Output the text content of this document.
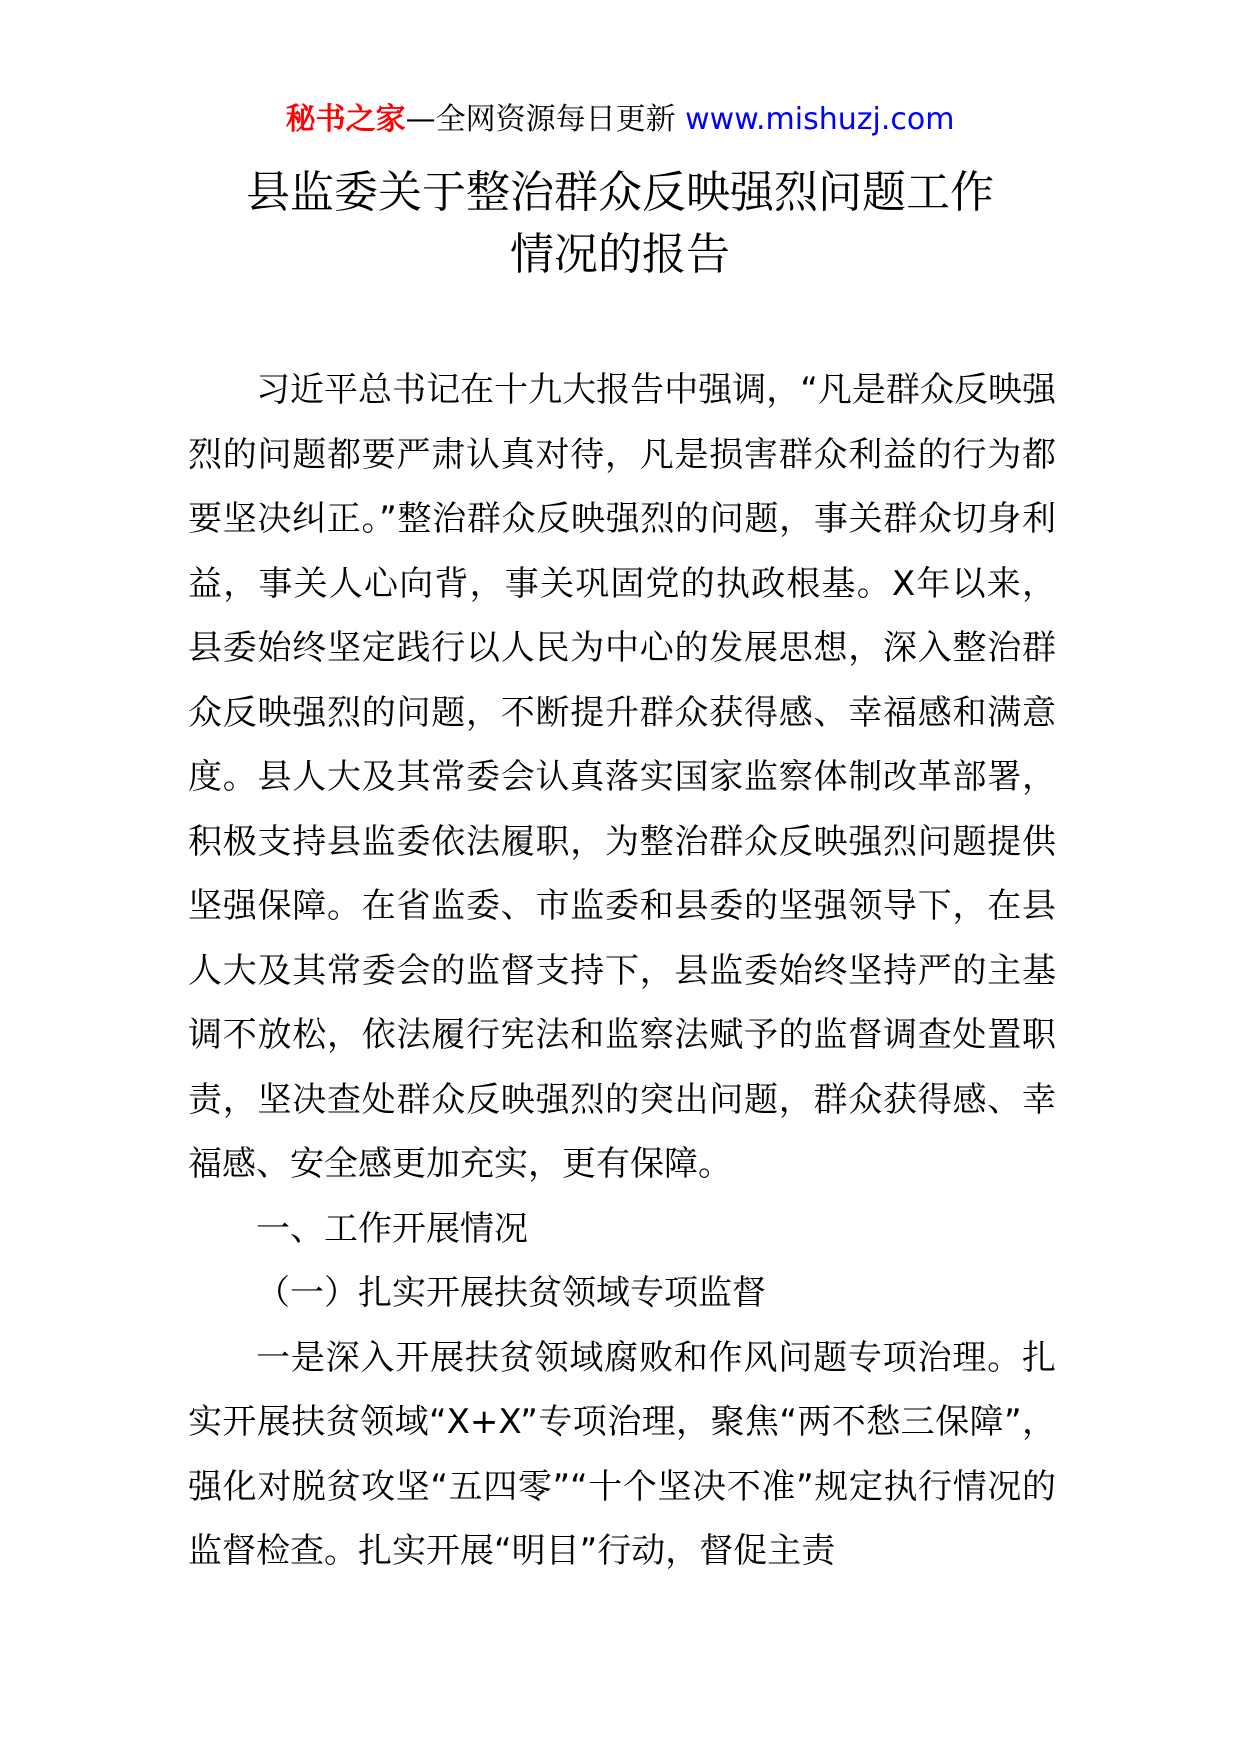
秘书之家—全网资源每日更新 www.mishuzj.com
县监委关于整治群众反映强烈问题工作
情况的报告

习近平总书记在十九大报告中强调，“凡是群众反映强烈的问题都要严肃认真对待，凡是损害群众利益的行为都要坚决纠正。”整治群众反映强烈的问题，事关群众切身利益，事关人心向背，事关巩固党的执政根基。X年以来，县委始终坚定践行以人民为中心的发展思想，深入整治群众反映强烈的问题，不断提升群众获得感、幸福感和满意度。县人大及其常委会认真落实国家监察体制改革部署，积极支持县监委依法履职，为整治群众反映强烈问题提供坚强保障。在省监委、市监委和县委的坚强领导下，在县人大及其常委会的监督支持下，县监委始终坚持严的主基调不放松，依法履行宪法和监察法赋予的监督调查处置职责，坚决查处群众反映强烈的突出问题，群众获得感、幸福感、安全感更加充实，更有保障。

一、工作开展情况

（一）扎实开展扶贫领域专项监督

一是深入开展扶贫领域腐败和作风问题专项治理。扎实开展扶贫领域“X+X”专项治理，聚焦“两不愁三保障”，强化对脱贫攻坚“五四零”“十个坚决不准”规定执行情况的监督检查。扎实开展“明目”行动，督促主责
